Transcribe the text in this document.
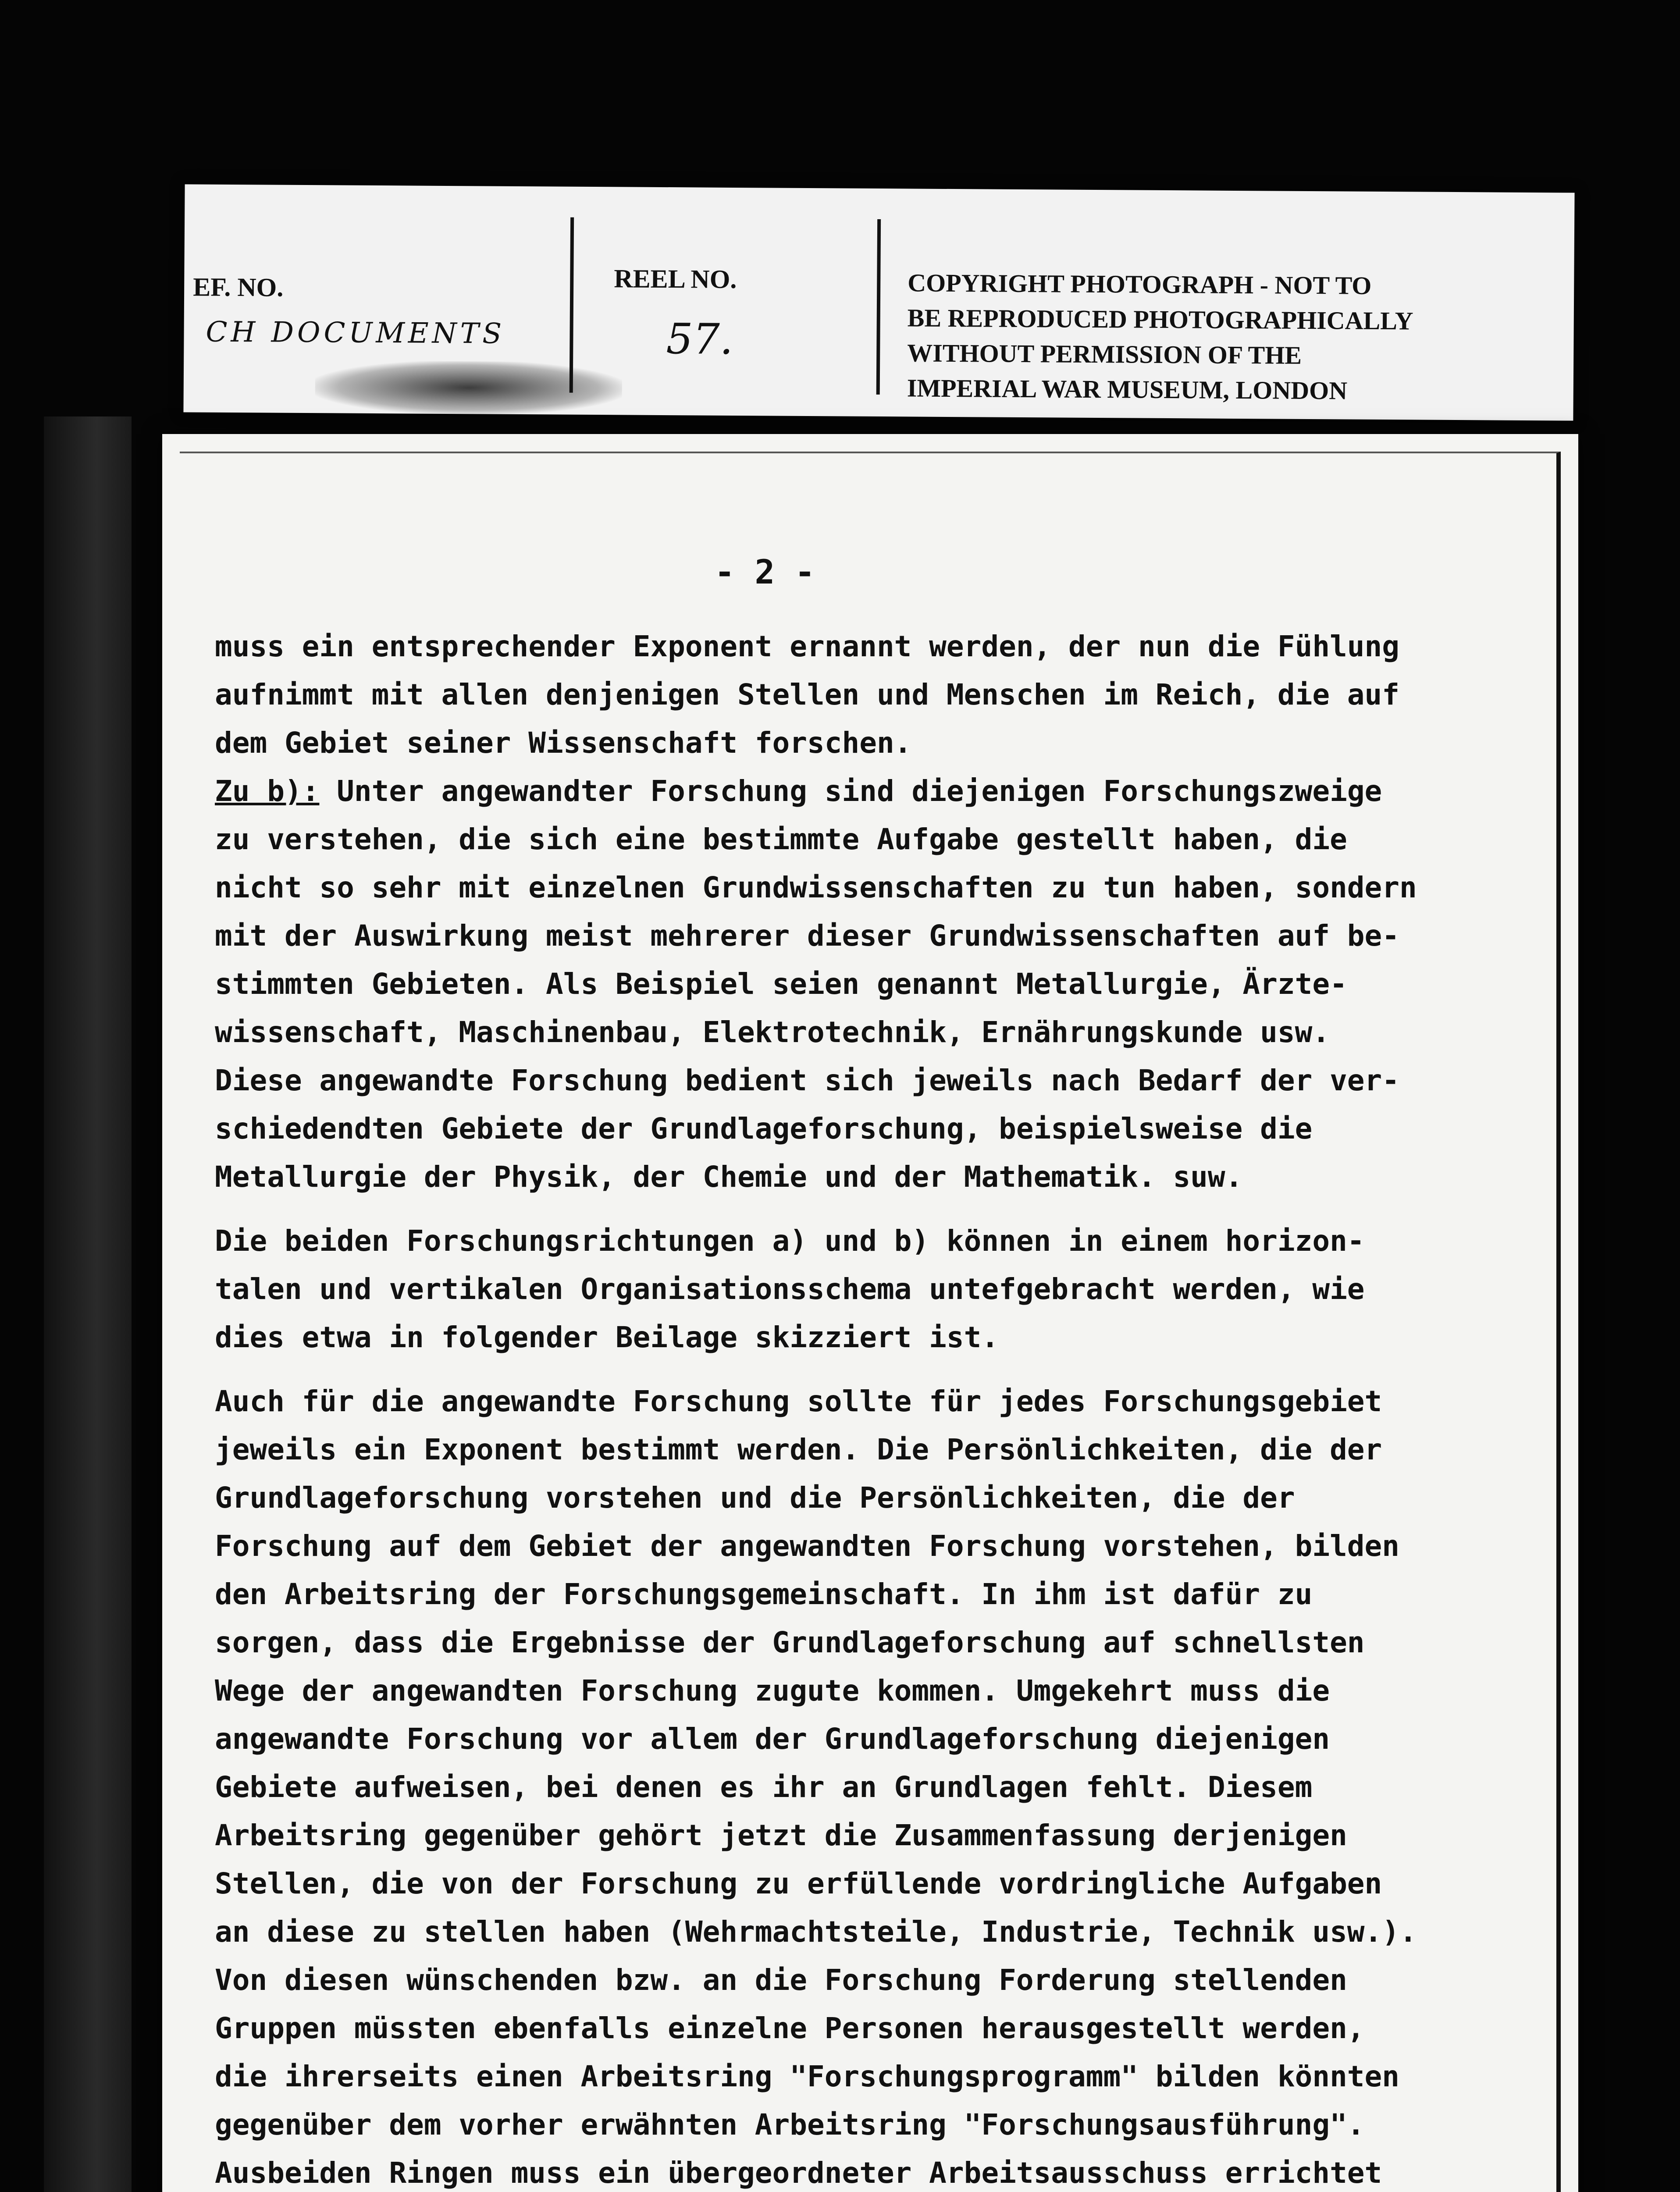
EF. NO.
CH DOCUMENTS
REEL NO.
57.
COPYRIGHT PHOTOGRAPH - NOT TO
BE REPRODUCED PHOTOGRAPHICALLY
WITHOUT PERMISSION OF THE
IMPERIAL WAR MUSEUM, LONDON
- 2 -
muss ein entsprechender Exponent ernannt werden, der nun die Fühlung
aufnimmt mit allen denjenigen Stellen und Menschen im Reich, die auf
dem Gebiet seiner Wissenschaft forschen.
Zu b): Unter angewandter Forschung sind diejenigen Forschungszweige
zu verstehen, die sich eine bestimmte Aufgabe gestellt haben, die
nicht so sehr mit einzelnen Grundwissenschaften zu tun haben, sondern
mit der Auswirkung meist mehrerer dieser Grundwissenschaften auf be-
stimmten Gebieten. Als Beispiel seien genannt Metallurgie, Ärzte-
wissenschaft, Maschinenbau, Elektrotechnik, Ernährungskunde usw.
Diese angewandte Forschung bedient sich jeweils nach Bedarf der ver-
schiedendten Gebiete der Grundlageforschung, beispielsweise die
Metallurgie der Physik, der Chemie und der Mathematik. suw.
Die beiden Forschungsrichtungen a) und b) können in einem horizon-
talen und vertikalen Organisationsschema untefgebracht werden, wie
dies etwa in folgender Beilage skizziert ist.
Auch für die angewandte Forschung sollte für jedes Forschungsgebiet
jeweils ein Exponent bestimmt werden. Die Persönlichkeiten, die der
Grundlageforschung vorstehen und die Persönlichkeiten, die der
Forschung auf dem Gebiet der angewandten Forschung vorstehen, bilden
den Arbeitsring der Forschungsgemeinschaft. In ihm ist dafür zu
sorgen, dass die Ergebnisse der Grundlageforschung auf schnellsten
Wege der angewandten Forschung zugute kommen. Umgekehrt muss die
angewandte Forschung vor allem der Grundlageforschung diejenigen
Gebiete aufweisen, bei denen es ihr an Grundlagen fehlt. Diesem
Arbeitsring gegenüber gehört jetzt die Zusammenfassung derjenigen
Stellen, die von der Forschung zu erfüllende vordringliche Aufgaben
an diese zu stellen haben (Wehrmachtsteile, Industrie, Technik usw.).
Von diesen wünschenden bzw. an die Forschung Forderung stellenden
Gruppen müssten ebenfalls einzelne Personen herausgestellt werden,
die ihrerseits einen Arbeitsring "Forschungsprogramm" bilden könnten
gegenüber dem vorher erwähnten Arbeitsring "Forschungsausführung".
Ausbeiden Ringen muss ein übergeordneter Arbeitsausschuss errichtet
